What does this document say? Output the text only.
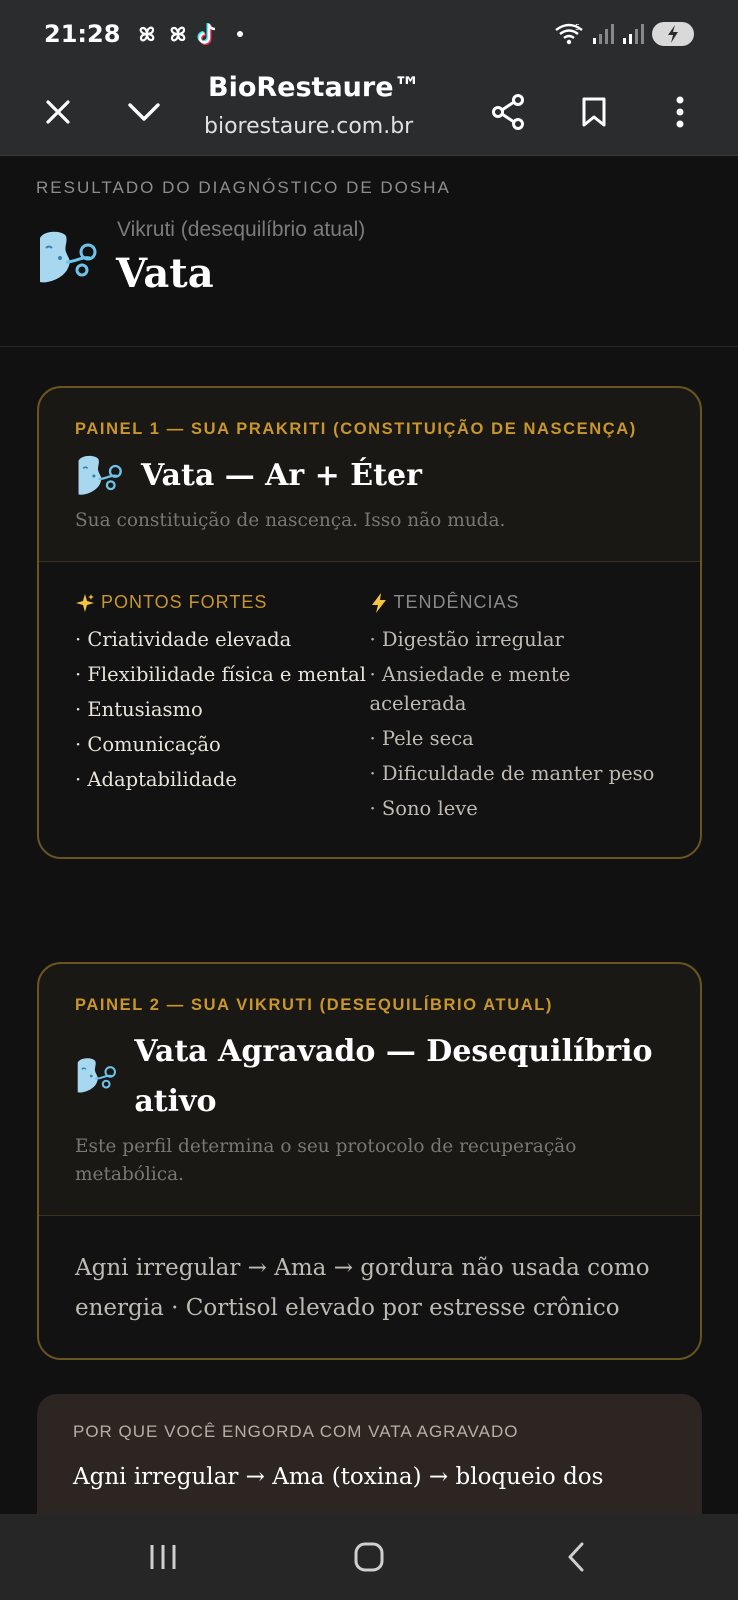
21:28	5
BioRestaure™
biorestaure.com.br
RESULTADO DO DIAGNÓSTICO DE DOSHA
Vikruti (desequilíbrio atual)
Vata
PAINEL 1 — SUA PRAKRITI (CONSTITUIÇÃO DE NASCENÇA)
Vata — Ar + Éter
Sua constituição de nascença. Isso não muda.
PONTOS FORTES
· Criatividade elevada
· Flexibilidade física e mental
· Entusiasmo
· Comunicação
· Adaptabilidade
TENDÊNCIAS
· Digestão irregular
· Ansiedade e mente acelerada
· Pele seca
· Dificuldade de manter peso
· Sono leve
PAINEL 2 — SUA VIKRUTI (DESEQUILÍBRIO ATUAL)
Vata Agravado — Desequilíbrio ativo
Este perfil determina o seu protocolo de recuperação metabólica.
Agni irregular → Ama → gordura não usada como energia · Cortisol elevado por estresse crônico
POR QUE VOCÊ ENGORDA COM VATA AGRAVADO
Agni irregular → Ama (toxina) → bloqueio dos
